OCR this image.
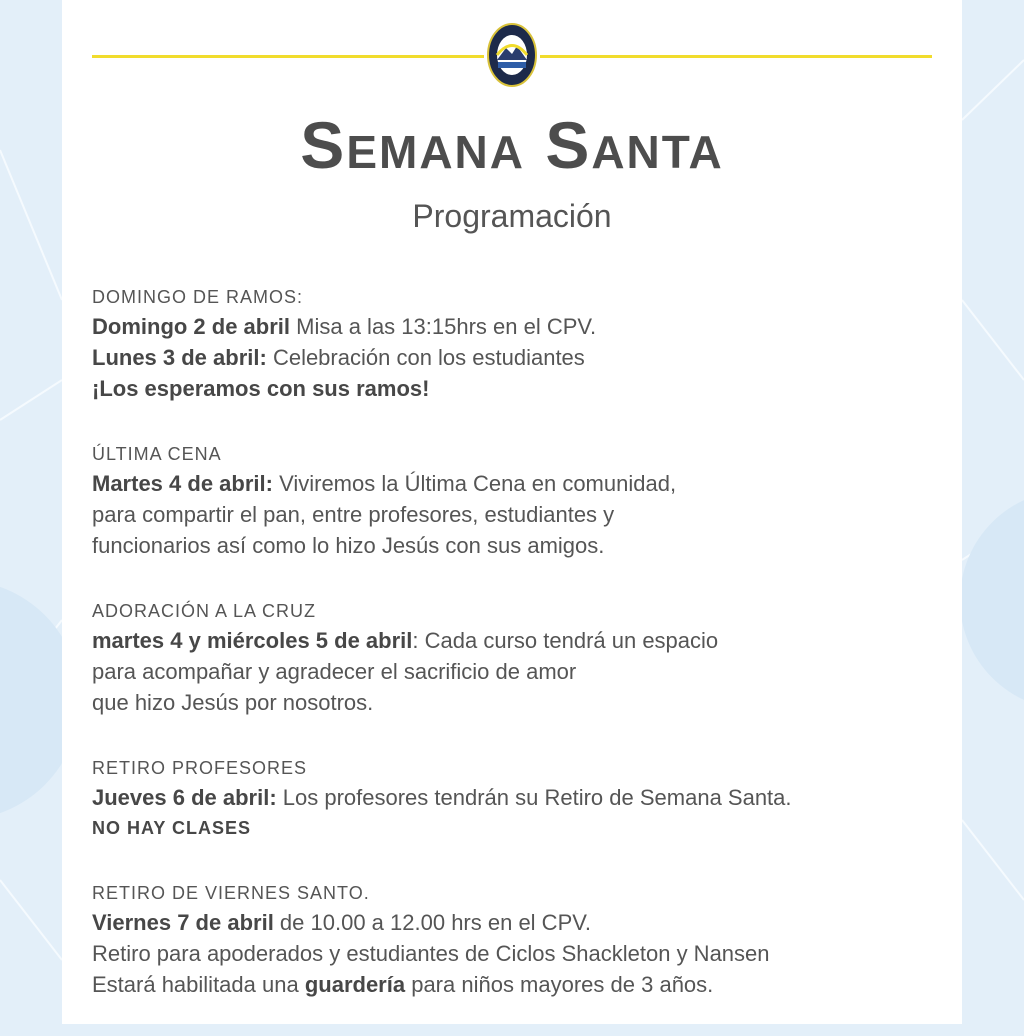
Semana Santa
Programación
DOMINGO DE RAMOS:
Domingo 2 de abril Misa a las 13:15hrs en el CPV.
Lunes 3 de abril: Celebración con los estudiantes
¡Los esperamos con sus ramos!
ÚLTIMA CENA
Martes 4 de abril: Viviremos la Última Cena en comunidad,
para compartir el pan, entre profesores, estudiantes y
funcionarios así como lo hizo Jesús con sus amigos.
ADORACIÓN A LA CRUZ
martes 4 y miércoles 5 de abril: Cada curso tendrá un espacio
para acompañar y agradecer el sacrificio de amor
que hizo Jesús por nosotros.
RETIRO PROFESORES
Jueves 6 de abril: Los profesores tendrán su Retiro de Semana Santa.
NO HAY CLASES
RETIRO DE VIERNES SANTO.
Viernes 7 de abril de 10.00 a 12.00 hrs en el CPV.
Retiro para apoderados y estudiantes de Ciclos Shackleton y Nansen
Estará habilitada una guardería para niños mayores de 3 años.
